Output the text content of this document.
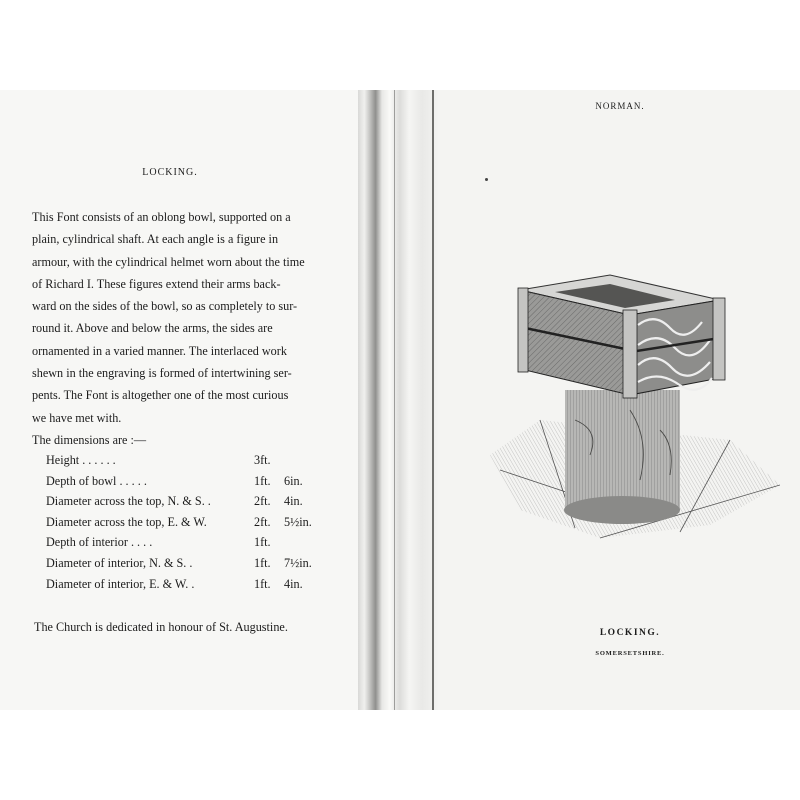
LOCKING.
This Font consists of an oblong bowl, supported on a
plain, cylindrical shaft. At each angle is a figure in
armour, with the cylindrical helmet worn about the time
of Richard I. These figures extend their arms back-
ward on the sides of the bowl, so as completely to sur-
round it. Above and below the arms, the sides are
ornamented in a varied manner. The interlaced work
shewn in the engraving is formed of intertwining ser-
pents. The Font is altogether one of the most curious
we have met with.
The dimensions are :—
Height . . . . . .	3ft.
Depth of bowl . . . . .	1ft. 6in.
Diameter across the top, N. & S. .	2ft. 4in.
Diameter across the top, E. & W.	2ft. 5½in.
Depth of interior . . . .	1ft.
Diameter of interior, N. & S. .	1ft. 7½in.
Diameter of interior, E. & W. .	1ft. 4in.
The Church is dedicated in honour of St. Augustine.
NORMAN.
LOCKING.
SOMERSETSHIRE.
